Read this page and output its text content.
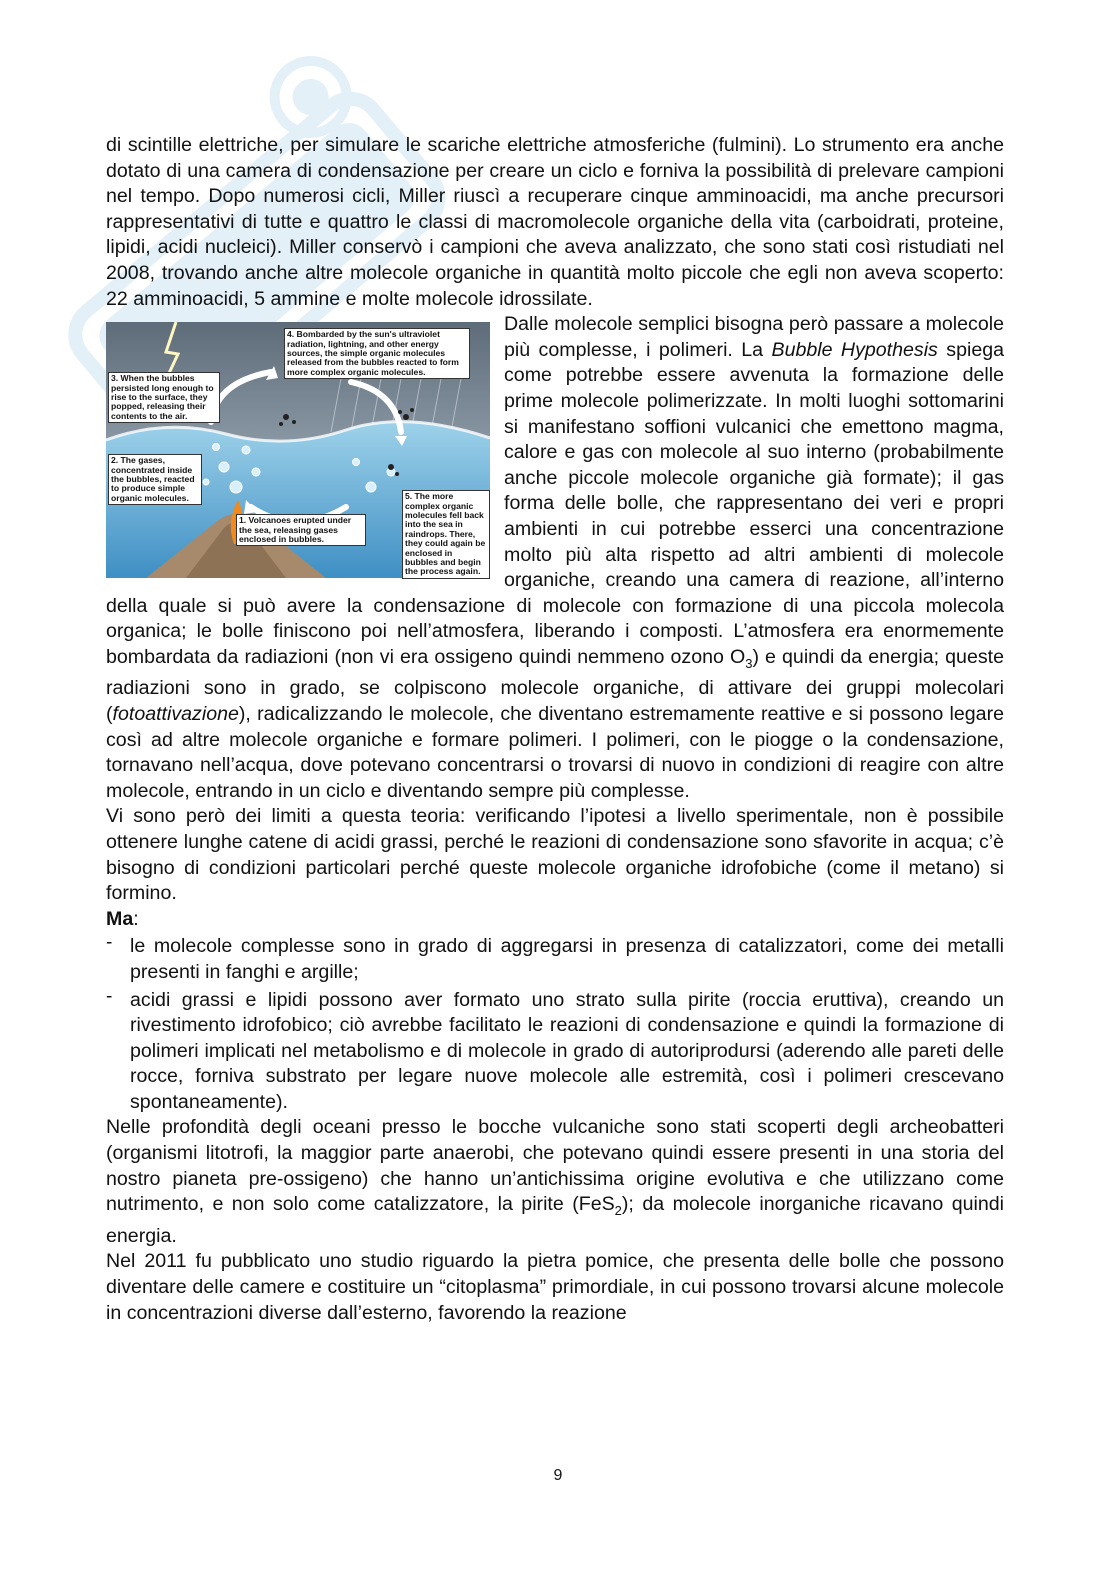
di scintille elettriche, per simulare le scariche elettriche atmosferiche (fulmini). Lo strumento era anche dotato di una camera di condensazione per creare un ciclo e forniva la possibilità di prelevare campioni nel tempo. Dopo numerosi cicli, Miller riuscì a recuperare cinque amminoacidi, ma anche precursori rappresentativi di tutte e quattro le classi di macromolecole organiche della vita (carboidrati, proteine, lipidi, acidi nucleici). Miller conservò i campioni che aveva analizzato, che sono stati così ristudiati nel 2008, trovando anche altre molecole organiche in quantità molto piccole che egli non aveva scoperto: 22 amminoacidi, 5 ammine e molte molecole idrossilate.

3. When the bubbles persisted long enough to rise to the surface, they popped, releasing their contents to the air.
4. Bombarded by the sun's ultraviolet radiation, lightning, and other energy sources, the simple organic molecules released from the bubbles reacted to form more complex organic molecules.
2. The gases, concentrated inside the bubbles, reacted to produce simple organic molecules.
1. Volcanoes erupted under the sea, releasing gases enclosed in bubbles.
5. The more complex organic molecules fell back into the sea in raindrops. There, they could again be enclosed in bubbles and begin the process again.

Dalle molecole semplici bisogna però passare a molecole più complesse, i polimeri. La Bubble Hypothesis spiega come potrebbe essere avvenuta la formazione delle prime molecole polimerizzate. In molti luoghi sottomarini si manifestano soffioni vulcanici che emettono magma, calore e gas con molecole al suo interno (probabilmente anche piccole molecole organiche già formate); il gas forma delle bolle, che rappresentano dei veri e propri ambienti in cui potrebbe esserci una concentrazione molto più alta rispetto ad altri ambienti di molecole organiche, creando una camera di reazione, all’interno della quale si può avere la condensazione di molecole con formazione di una piccola molecola organica; le bolle finiscono poi nell’atmosfera, liberando i composti. L’atmosfera era enormemente bombardata da radiazioni (non vi era ossigeno quindi nemmeno ozono $O_3$) e quindi da energia; queste radiazioni sono in grado, se colpiscono molecole organiche, di attivare dei gruppi molecolari (fotoattivazione), radicalizzando le molecole, che diventano estremamente reattive e si possono legare così ad altre molecole organiche e formare polimeri. I polimeri, con le piogge o la condensazione, tornavano nell’acqua, dove potevano concentrarsi o trovarsi di nuovo in condizioni di reagire con altre molecole, entrando in un ciclo e diventando sempre più complesse.

Vi sono però dei limiti a questa teoria: verificando l’ipotesi a livello sperimentale, non è possibile ottenere lunghe catene di acidi grassi, perché le reazioni di condensazione sono sfavorite in acqua; c’è bisogno di condizioni particolari perché queste molecole organiche idrofobiche (come il metano) si formino.

Ma:

- le molecole complesse sono in grado di aggregarsi in presenza di catalizzatori, come dei metalli presenti in fanghi e argille;
- acidi grassi e lipidi possono aver formato uno strato sulla pirite (roccia eruttiva), creando un rivestimento idrofobico; ciò avrebbe facilitato le reazioni di condensazione e quindi la formazione di polimeri implicati nel metabolismo e di molecole in grado di autoriprodursi (aderendo alle pareti delle rocce, forniva substrato per legare nuove molecole alle estremità, così i polimeri crescevano spontaneamente).

Nelle profondità degli oceani presso le bocche vulcaniche sono stati scoperti degli archeobatteri (organismi litotrofi, la maggior parte anaerobi, che potevano quindi essere presenti in una storia del nostro pianeta pre-ossigeno) che hanno un’antichissima origine evolutiva e che utilizzano come nutrimento, e non solo come catalizzatore, la pirite (FeS$_2$); da molecole inorganiche ricavano quindi energia.

Nel 2011 fu pubblicato uno studio riguardo la pietra pomice, che presenta delle bolle che possono diventare delle camere e costituire un “citoplasma” primordiale, in cui possono trovarsi alcune molecole in concentrazioni diverse dall’esterno, favorendo la reazione

9
